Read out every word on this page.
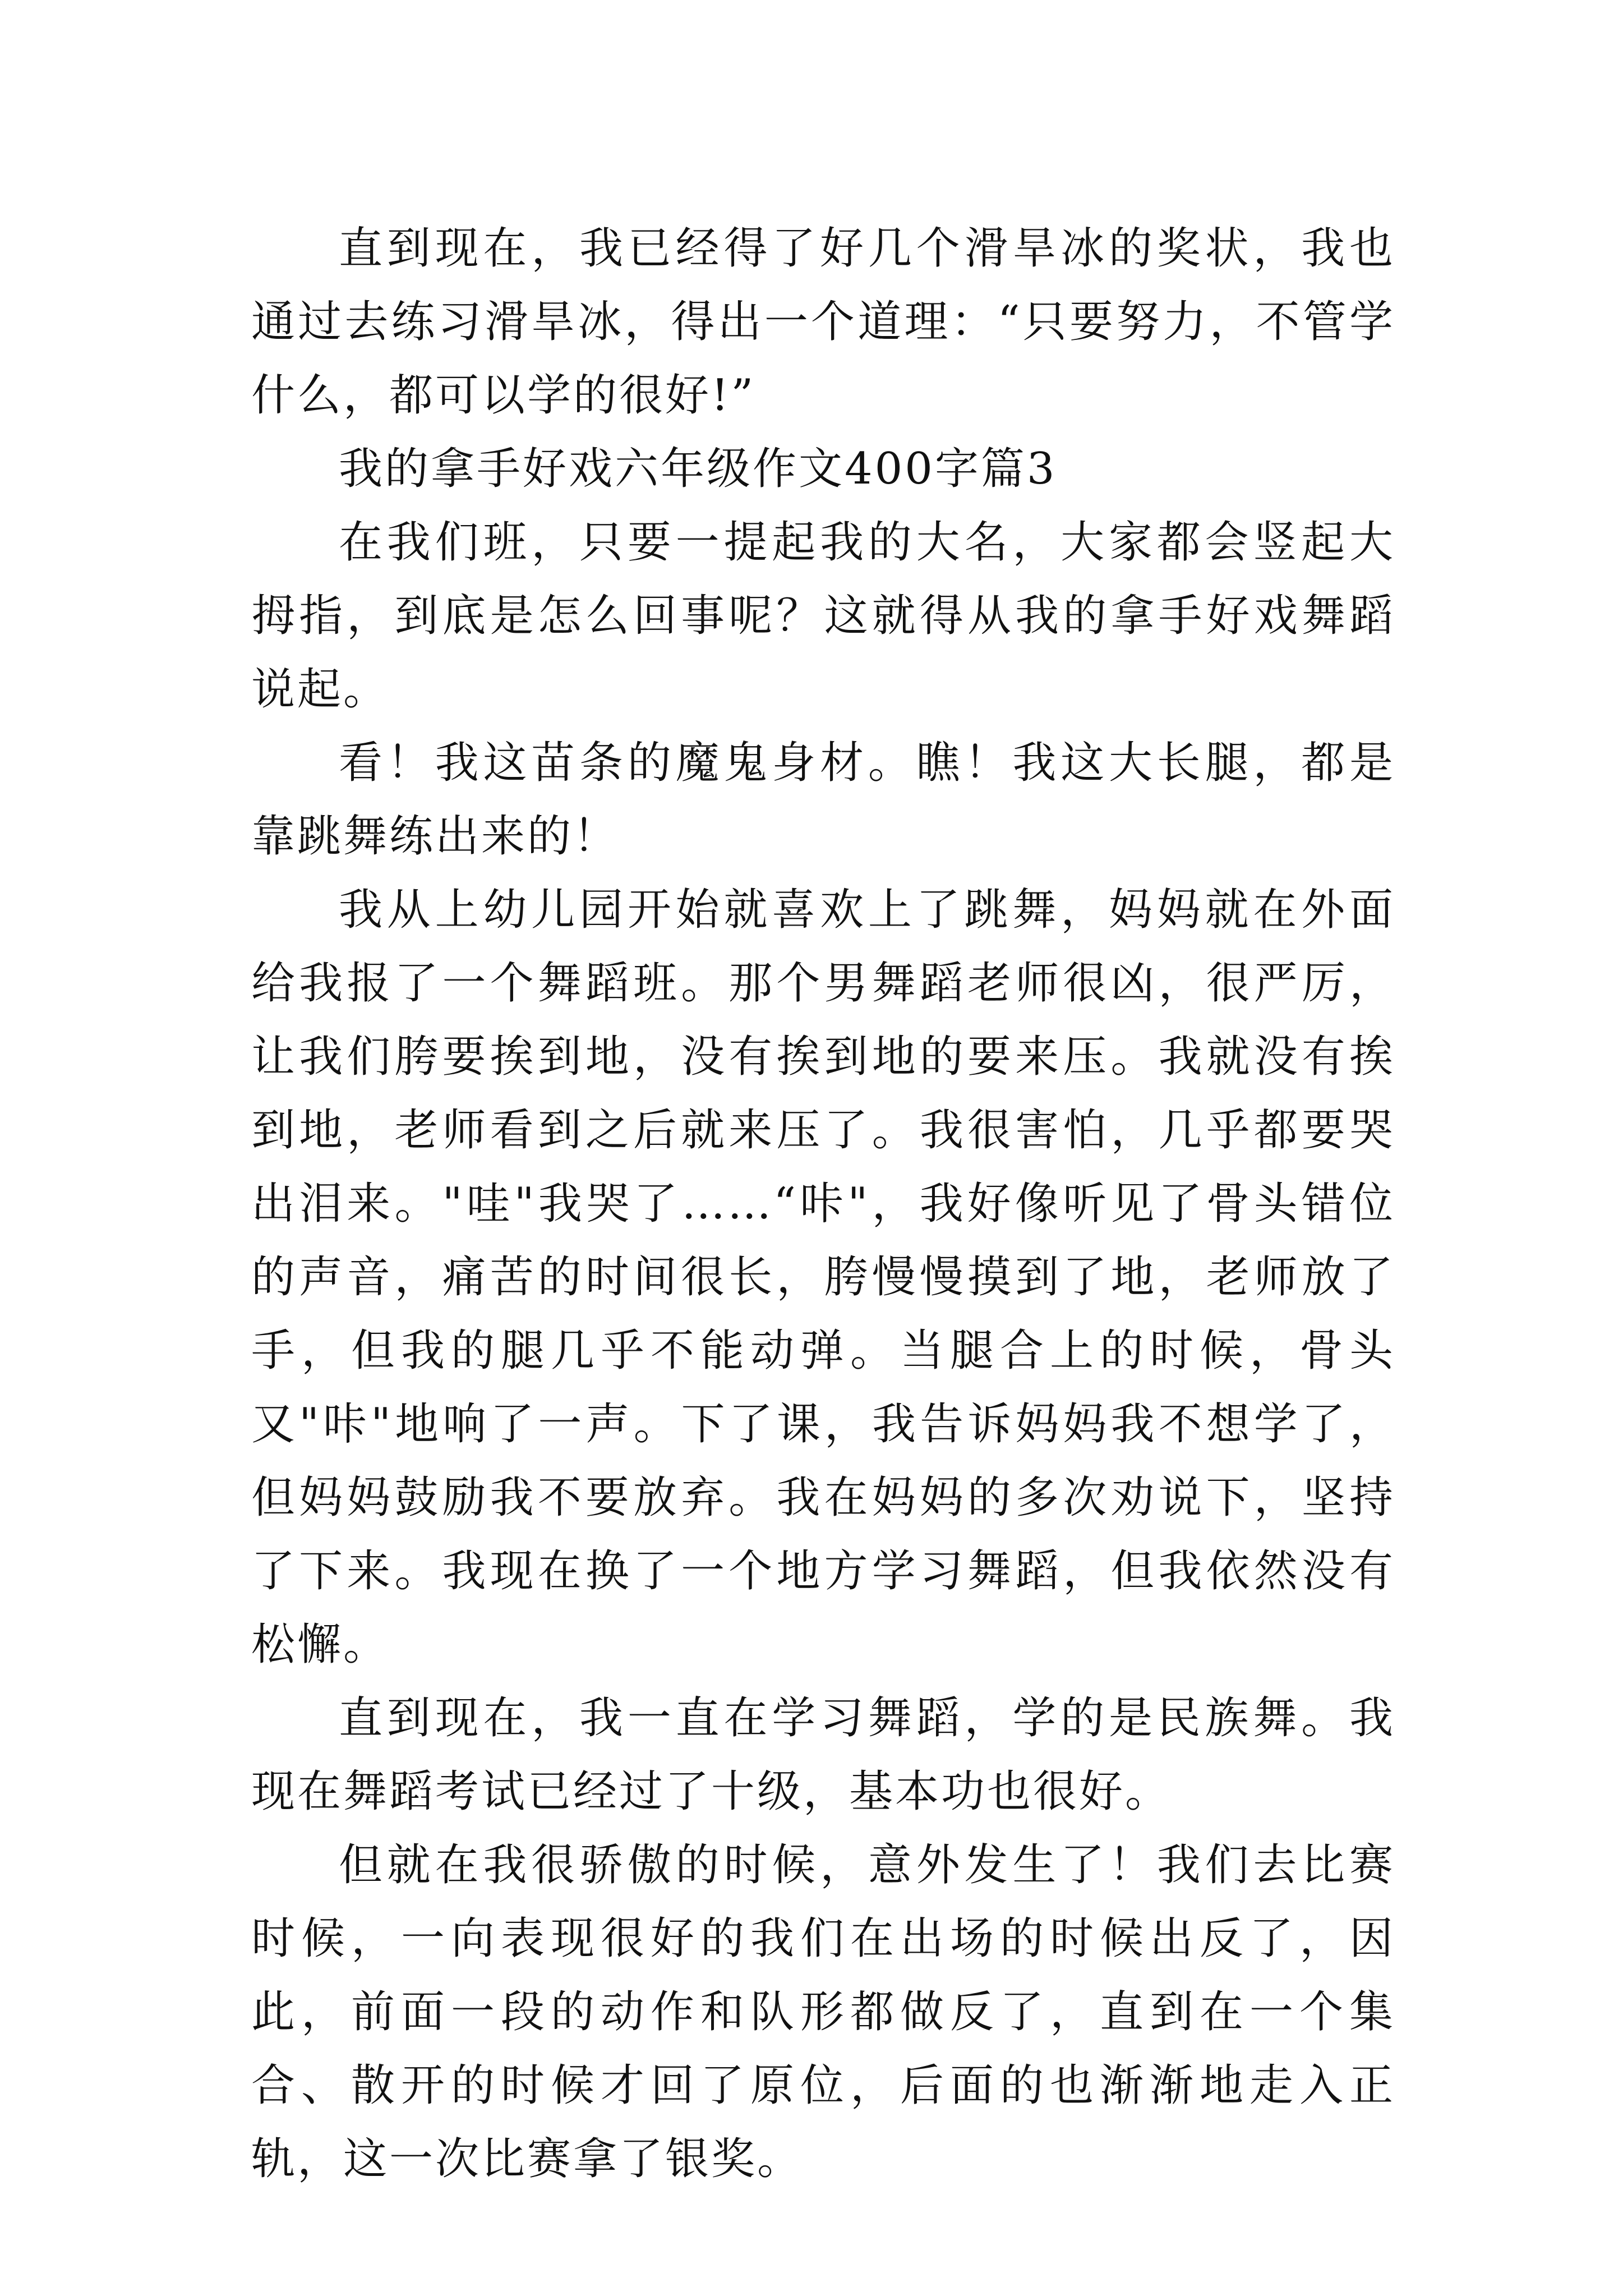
直到现在，我已经得了好几个滑旱冰的奖状，我也通过去练习滑旱冰，得出一个道理：“只要努力，不管学什么，都可以学的很好!”

我的拿手好戏六年级作文400字篇3

在我们班，只要一提起我的大名，大家都会竖起大拇指，到底是怎么回事呢？这就得从我的拿手好戏舞蹈说起。

看！我这苗条的魔鬼身材。瞧！我这大长腿，都是靠跳舞练出来的！

我从上幼儿园开始就喜欢上了跳舞，妈妈就在外面给我报了一个舞蹈班。那个男舞蹈老师很凶，很严厉，让我们胯要挨到地，没有挨到地的要来压。我就没有挨到地，老师看到之后就来压了。我很害怕，几乎都要哭出泪来。"哇"我哭了……“咔"，我好像听见了骨头错位的声音，痛苦的时间很长，胯慢慢摸到了地，老师放了手，但我的腿几乎不能动弹。当腿合上的时候，骨头又"咔"地响了一声。下了课，我告诉妈妈我不想学了，但妈妈鼓励我不要放弃。我在妈妈的多次劝说下，坚持了下来。我现在换了一个地方学习舞蹈，但我依然没有松懈。

直到现在，我一直在学习舞蹈，学的是民族舞。我现在舞蹈考试已经过了十级，基本功也很好。

但就在我很骄傲的时候，意外发生了！我们去比赛时候，一向表现很好的我们在出场的时候出反了，因此，前面一段的动作和队形都做反了，直到在一个集合、散开的时候才回了原位，后面的也渐渐地走入正轨，这一次比赛拿了银奖。
